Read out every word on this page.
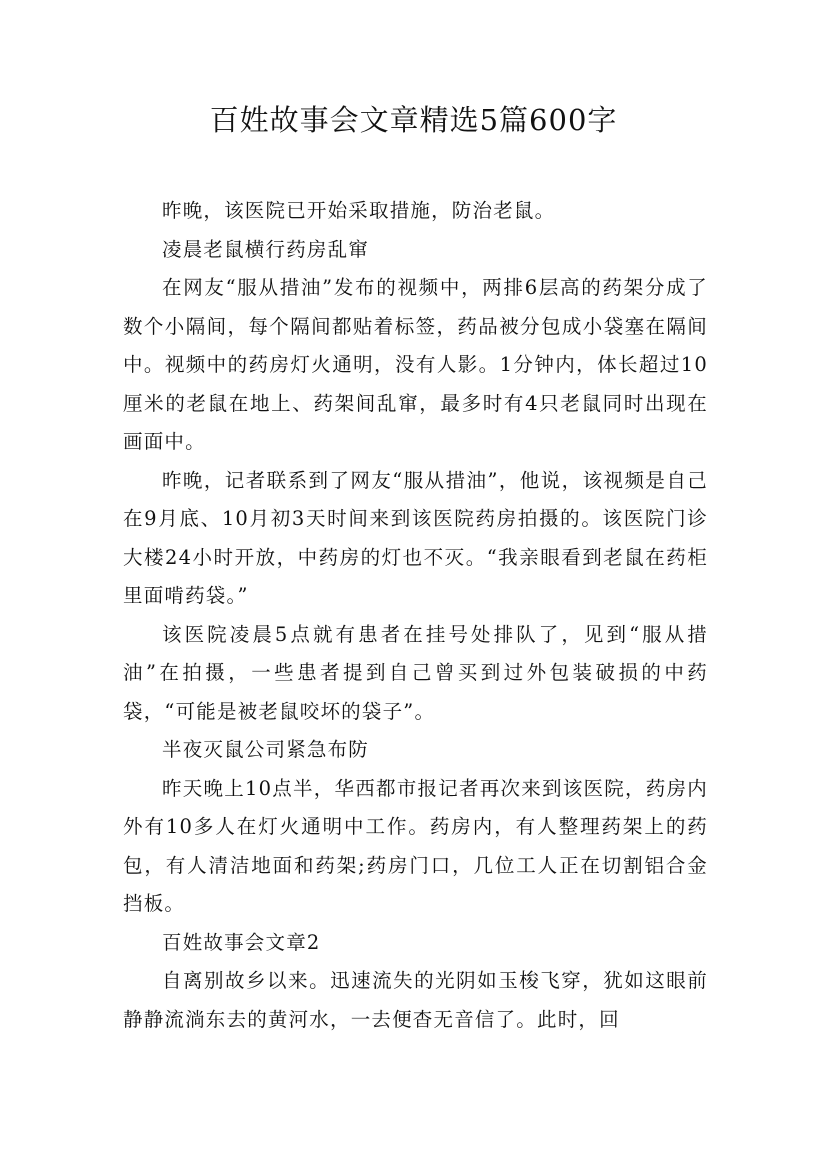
百姓故事会文章精选5篇600字

昨晚，该医院已开始采取措施，防治老鼠。

凌晨老鼠横行药房乱窜

在网友“服从措油”发布的视频中，两排6层高的药架分成了数个小隔间，每个隔间都贴着标签，药品被分包成小袋塞在隔间中。视频中的药房灯火通明，没有人影。1分钟内，体长超过10厘米的老鼠在地上、药架间乱窜，最多时有4只老鼠同时出现在画面中。

昨晚，记者联系到了网友“服从措油”，他说，该视频是自己在9月底、10月初3天时间来到该医院药房拍摄的。该医院门诊大楼24小时开放，中药房的灯也不灭。“我亲眼看到老鼠在药柜里面啃药袋。”

该医院凌晨5点就有患者在挂号处排队了，见到“服从措油”在拍摄，一些患者提到自己曾买到过外包装破损的中药袋，“可能是被老鼠咬坏的袋子”。

半夜灭鼠公司紧急布防

昨天晚上10点半，华西都市报记者再次来到该医院，药房内外有10多人在灯火通明中工作。药房内，有人整理药架上的药包，有人清洁地面和药架;药房门口，几位工人正在切割铝合金挡板。

百姓故事会文章2

自离别故乡以来。迅速流失的光阴如玉梭飞穿，犹如这眼前静静流淌东去的黄河水，一去便杳无音信了。此时，回
